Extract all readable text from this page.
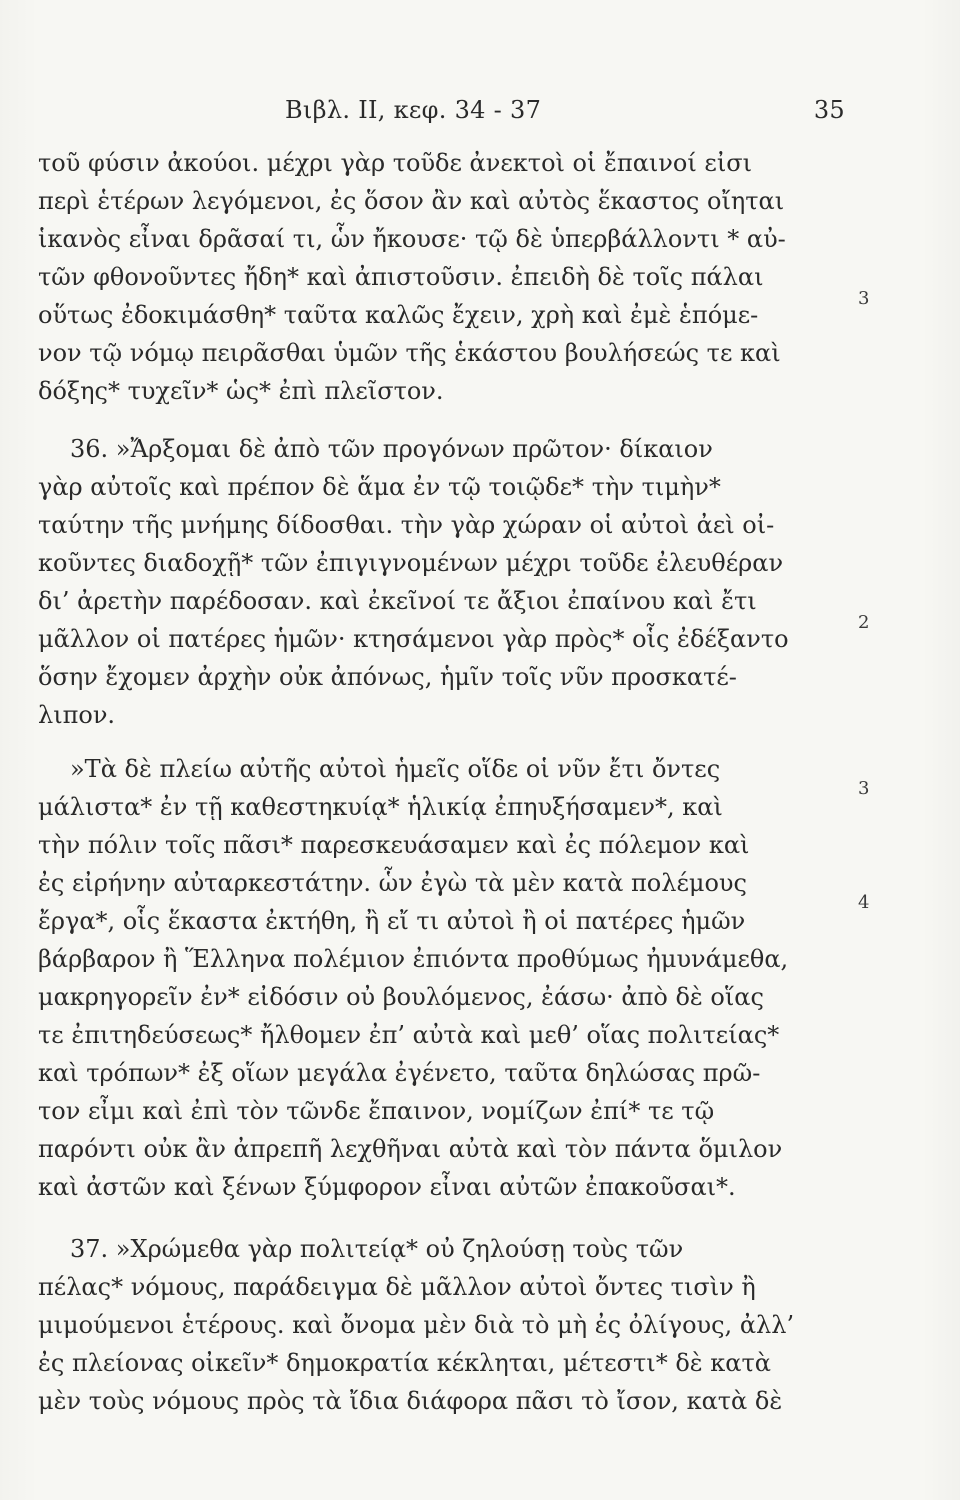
Βιβλ. II, κεφ. 34 - 37	35
τοῦ φύσιν ἀκούοι. μέχρι γὰρ τοῦδε ἀνεκτοὶ οἱ ἔπαινοί εἰσι
περὶ ἑτέρων λεγόμενοι, ἐς ὅσον ἂν καὶ αὐτὸς ἕκαστος οἴηται
ἱκανὸς εἶναι δρᾶσαί τι, ὧν ἤκουσε· τῷ δὲ ὑπερβάλλοντι * αὐ-
τῶν φθονοῦντες ἤδη* καὶ ἀπιστοῦσιν. ἐπειδὴ δὲ τοῖς πάλαι
οὕτως ἐδοκιμάσθη* ταῦτα καλῶς ἔχειν, χρὴ καὶ ἐμὲ ἑπόμε-
νον τῷ νόμῳ πειρᾶσθαι ὑμῶν τῆς ἑκάστου βουλήσεώς τε καὶ
δόξης* τυχεῖν* ὡς* ἐπὶ πλεῖστον.
36. »Ἄρξομαι δὲ ἀπὸ τῶν προγόνων πρῶτον· δίκαιον
γὰρ αὐτοῖς καὶ πρέπον δὲ ἅμα ἐν τῷ τοιῷδε* τὴν τιμὴν*
ταύτην τῆς μνήμης δίδοσθαι. τὴν γὰρ χώραν οἱ αὐτοὶ ἀεὶ οἰ-
κοῦντες διαδοχῇ* τῶν ἐπιγιγνομένων μέχρι τοῦδε ἐλευθέραν
δι’ ἀρετὴν παρέδοσαν. καὶ ἐκεῖνοί τε ἄξιοι ἐπαίνου καὶ ἔτι
μᾶλλον οἱ πατέρες ἡμῶν· κτησάμενοι γὰρ πρὸς* οἷς ἐδέξαντο
ὅσην ἔχομεν ἀρχὴν οὐκ ἀπόνως, ἡμῖν τοῖς νῦν προσκατέ-
λιπον.
»Τὰ δὲ πλείω αὐτῆς αὐτοὶ ἡμεῖς οἵδε οἱ νῦν ἔτι ὄντες
μάλιστα* ἐν τῇ καθεστηκυίᾳ* ἡλικίᾳ ἐπηυξήσαμεν*, καὶ
τὴν πόλιν τοῖς πᾶσι* παρεσκευάσαμεν καὶ ἐς πόλεμον καὶ
ἐς εἰρήνην αὐταρκεστάτην. ὧν ἐγὼ τὰ μὲν κατὰ πολέμους
ἔργα*, οἷς ἕκαστα ἐκτήθη, ἢ εἴ τι αὐτοὶ ἢ οἱ πατέρες ἡμῶν
βάρβαρον ἢ Ἕλληνα πολέμιον ἐπιόντα προθύμως ἠμυνάμεθα,
μακρηγορεῖν ἐν* εἰδόσιν οὐ βουλόμενος, ἐάσω· ἀπὸ δὲ οἵας
τε ἐπιτηδεύσεως* ἤλθομεν ἐπ’ αὐτὰ καὶ μεθ’ οἵας πολιτείας*
καὶ τρόπων* ἐξ οἵων μεγάλα ἐγένετο, ταῦτα δηλώσας πρῶ-
τον εἶμι καὶ ἐπὶ τὸν τῶνδε ἔπαινον, νομίζων ἐπί* τε τῷ
παρόντι οὐκ ἂν ἀπρεπῆ λεχθῆναι αὐτὰ καὶ τὸν πάντα ὅμιλον
καὶ ἀστῶν καὶ ξένων ξύμφορον εἶναι αὐτῶν ἐπακοῦσαι*.
37. »Χρώμεθα γὰρ πολιτείᾳ* οὐ ζηλούσῃ τοὺς τῶν
πέλας* νόμους, παράδειγμα δὲ μᾶλλον αὐτοὶ ὄντες τισὶν ἢ
μιμούμενοι ἑτέρους. καὶ ὄνομα μὲν διὰ τὸ μὴ ἐς ὀλίγους, ἀλλ’
ἐς πλείονας οἰκεῖν* δημοκρατία κέκληται, μέτεστι* δὲ κατὰ
μὲν τοὺς νόμους πρὸς τὰ ἴδια διάφορα πᾶσι τὸ ἴσον, κατὰ δὲ
3
2
3
4
